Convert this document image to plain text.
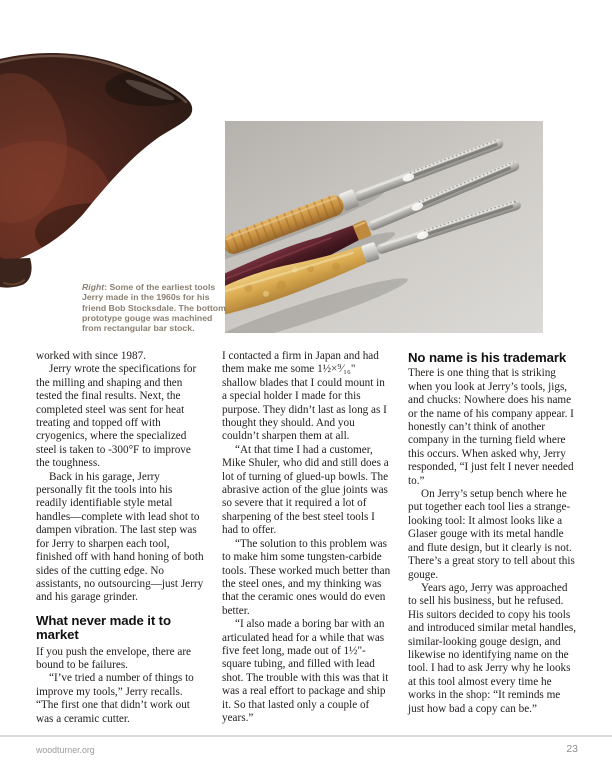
Right: Some of the earliest tools Jerry made in the 1960s for his friend Bob Stocksdale. The bottom prototype gouge was machined from rectangular bar stock.

worked with since 1987.

Jerry wrote the specifications for the milling and shaping and then tested the final results. Next, the completed steel was sent for heat treating and topped off with cryogenics, where the specialized steel is taken to -300°F to improve the toughness.

Back in his garage, Jerry personally fit the tools into his readily identifiable style metal handles—complete with lead shot to dampen vibration. The last step was for Jerry to sharpen each tool, finished off with hand honing of both sides of the cutting edge. No assistants, no outsourcing—just Jerry and his garage grinder.

What never made it to market

If you push the envelope, there are bound to be failures.

“I’ve tried a number of things to improve my tools,” Jerry recalls. “The first one that didn’t work out was a ceramic cutter.

I contacted a firm in Japan and had them make me some 1½×⁹⁄₁₆" shallow blades that I could mount in a special holder I made for this purpose. They didn’t last as long as I thought they should. And you couldn’t sharpen them at all.

“At that time I had a customer, Mike Shuler, who did and still does a lot of turning of glued-up bowls. The abrasive action of the glue joints was so severe that it required a lot of sharpening of the best steel tools I had to offer.

“The solution to this problem was to make him some tungsten-carbide tools. These worked much better than the steel ones, and my thinking was that the ceramic ones would do even better.

“I also made a boring bar with an articulated head for a while that was five feet long, made out of 1½"-square tubing, and filled with lead shot. The trouble with this was that it was a real effort to package and ship it. So that lasted only a couple of years.”

No name is his trademark

There is one thing that is striking when you look at Jerry’s tools, jigs, and chucks: Nowhere does his name or the name of his company appear. I honestly can’t think of another company in the turning field where this occurs. When asked why, Jerry responded, “I just felt I never needed to.”

On Jerry’s setup bench where he put together each tool lies a strange-looking tool: It almost looks like a Glaser gouge with its metal handle and flute design, but it clearly is not. There’s a great story to tell about this gouge.

Years ago, Jerry was approached to sell his business, but he refused. His suitors decided to copy his tools and introduced similar metal handles, similar-looking gouge design, and likewise no identifying name on the tool. I had to ask Jerry why he looks at this tool almost every time he works in the shop: “It reminds me just how bad a copy can be.”

woodturner.org	23
